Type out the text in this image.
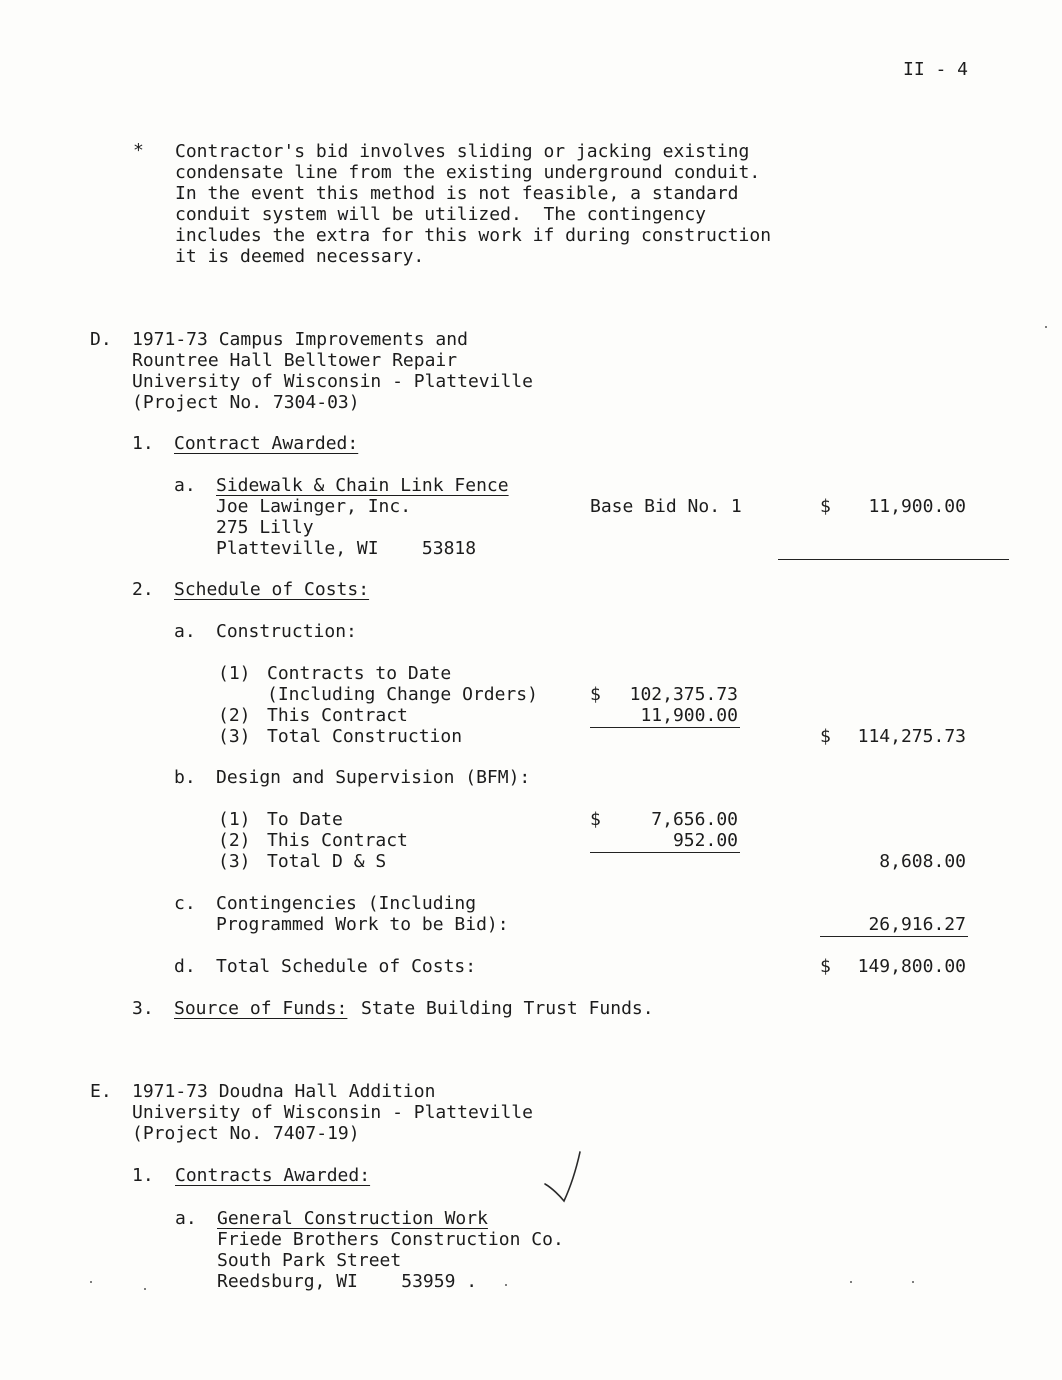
II - 4
* Contractor's bid involves sliding or jacking existing
condensate line from the existing underground conduit.
In the event this method is not feasible, a standard
conduit system will be utilized.  The contingency
includes the extra for this work if during construction
it is deemed necessary.
D. 1971-73 Campus Improvements and
Rountree Hall Belltower Repair
University of Wisconsin - Platteville
(Project No. 7304-03)
1. Contract Awarded:
a. Sidewalk & Chain Link Fence
Joe Lawinger, Inc.
275 Lilly
Platteville, WI    53818
Base Bid No. 1	$	11,900.00
2. Schedule of Costs:
a. Construction:
(1) Contracts to Date
(Including Change Orders)	$	102,375.73
(2) This Contract	11,900.00
(3) Total Construction	$	114,275.73
b. Design and Supervision (BFM):
(1) To Date	$	7,656.00
(2) This Contract	952.00
(3) Total D & S	8,608.00
c. Contingencies (Including
Programmed Work to be Bid):	26,916.27
d. Total Schedule of Costs:	$	149,800.00
3. Source of Funds: State Building Trust Funds.
E. 1971-73 Doudna Hall Addition
University of Wisconsin - Platteville
(Project No. 7407-19)
1. Contracts Awarded:
a. General Construction Work
Friede Brothers Construction Co.
South Park Street
Reedsburg, WI    53959 .
